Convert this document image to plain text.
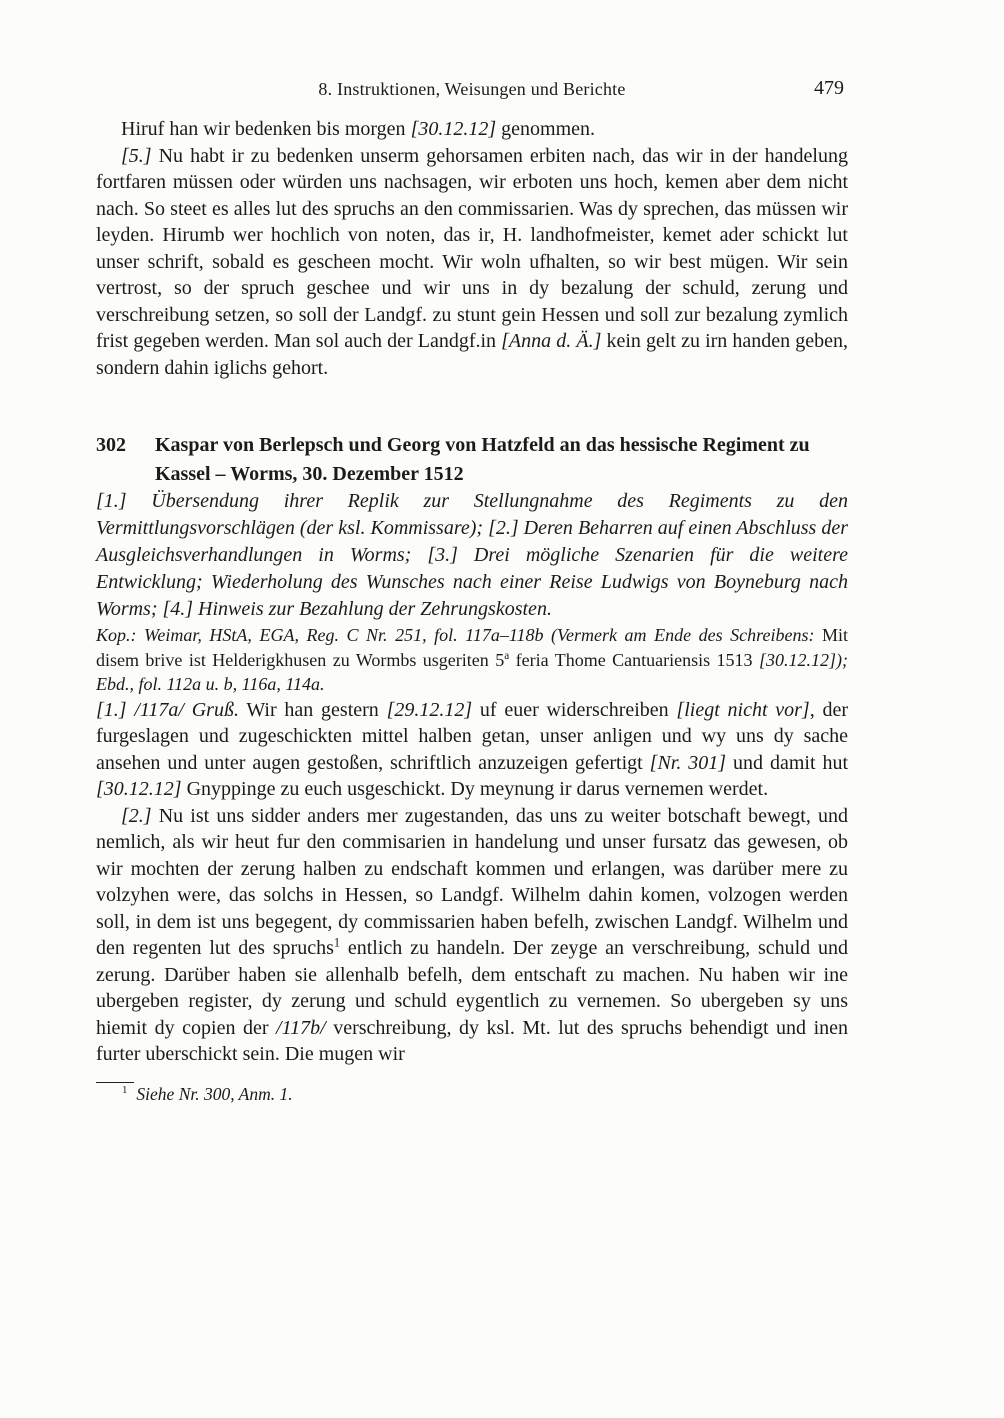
8. Instruktionen, Weisungen und Berichte	479

Hiruf han wir bedenken bis morgen [30.12.12] genommen.

[5.] Nu habt ir zu bedenken unserm gehorsamen erbiten nach, das wir in der handelung fortfaren müssen oder würden uns nachsagen, wir erboten uns hoch, kemen aber dem nicht nach. So steet es alles lut des spruchs an den commissarien. Was dy sprechen, das müssen wir leyden. Hirumb wer hochlich von noten, das ir, H. landhofmeister, kemet ader schickt lut unser schrift, sobald es gescheen mocht. Wir woln ufhalten, so wir best mügen. Wir sein vertrost, so der spruch geschee und wir uns in dy bezalung der schuld, zerung und verschreibung setzen, so soll der Landgf. zu stunt gein Hessen und soll zur bezalung zymlich frist gegeben werden. Man sol auch der Landgf.in [Anna d. Ä.] kein gelt zu irn handen geben, sondern dahin iglichs gehort.

302	Kaspar von Berlepsch und Georg von Hatzfeld an das hessische Regiment zu Kassel – Worms, 30. Dezember 1512

[1.] Übersendung ihrer Replik zur Stellungnahme des Regiments zu den Vermittlungsvorschlägen (der ksl. Kommissare); [2.] Deren Beharren auf einen Abschluss der Ausgleichsverhandlungen in Worms; [3.] Drei mögliche Szenarien für die weitere Entwicklung; Wiederholung des Wunsches nach einer Reise Ludwigs von Boyneburg nach Worms; [4.] Hinweis zur Bezahlung der Zehrungskosten.

Kop.: Weimar, HStA, EGA, Reg. C Nr. 251, fol. 117a–118b (Vermerk am Ende des Schreibens: Mit disem brive ist Helderigkhusen zu Wormbs usgeriten 5$^a$ feria Thome Cantuariensis 1513 [30.12.12]); Ebd., fol. 112a u. b, 116a, 114a.

[1.] /117a/ Gruß. Wir han gestern [29.12.12] uf euer widerschreiben [liegt nicht vor], der furgeslagen und zugeschickten mittel halben getan, unser anligen und wy uns dy sache ansehen und unter augen gestoßen, schriftlich anzuzeigen gefertigt [Nr. 301] und damit hut [30.12.12] Gnyppinge zu euch usgeschickt. Dy meynung ir darus vernemen werdet.

[2.] Nu ist uns sidder anders mer zugestanden, das uns zu weiter botschaft bewegt, und nemlich, als wir heut fur den commisarien in handelung und unser fursatz das gewesen, ob wir mochten der zerung halben zu endschaft kommen und erlangen, was darüber mere zu volzyhen were, das solchs in Hessen, so Landgf. Wilhelm dahin komen, volzogen werden soll, in dem ist uns begegent, dy commissarien haben befelh, zwischen Landgf. Wilhelm und den regenten lut des spruchs$^1$ entlich zu handeln. Der zeyge an verschreibung, schuld und zerung. Darüber haben sie allenhalb befelh, dem entschaft zu machen. Nu haben wir ine ubergeben register, dy zerung und schuld eygentlich zu vernemen. So ubergeben sy uns hiemit dy copien der /117b/ verschreibung, dy ksl. Mt. lut des spruchs behendigt und inen furter uberschickt sein. Die mugen wir

$^1$ Siehe Nr. 300, Anm. 1.
